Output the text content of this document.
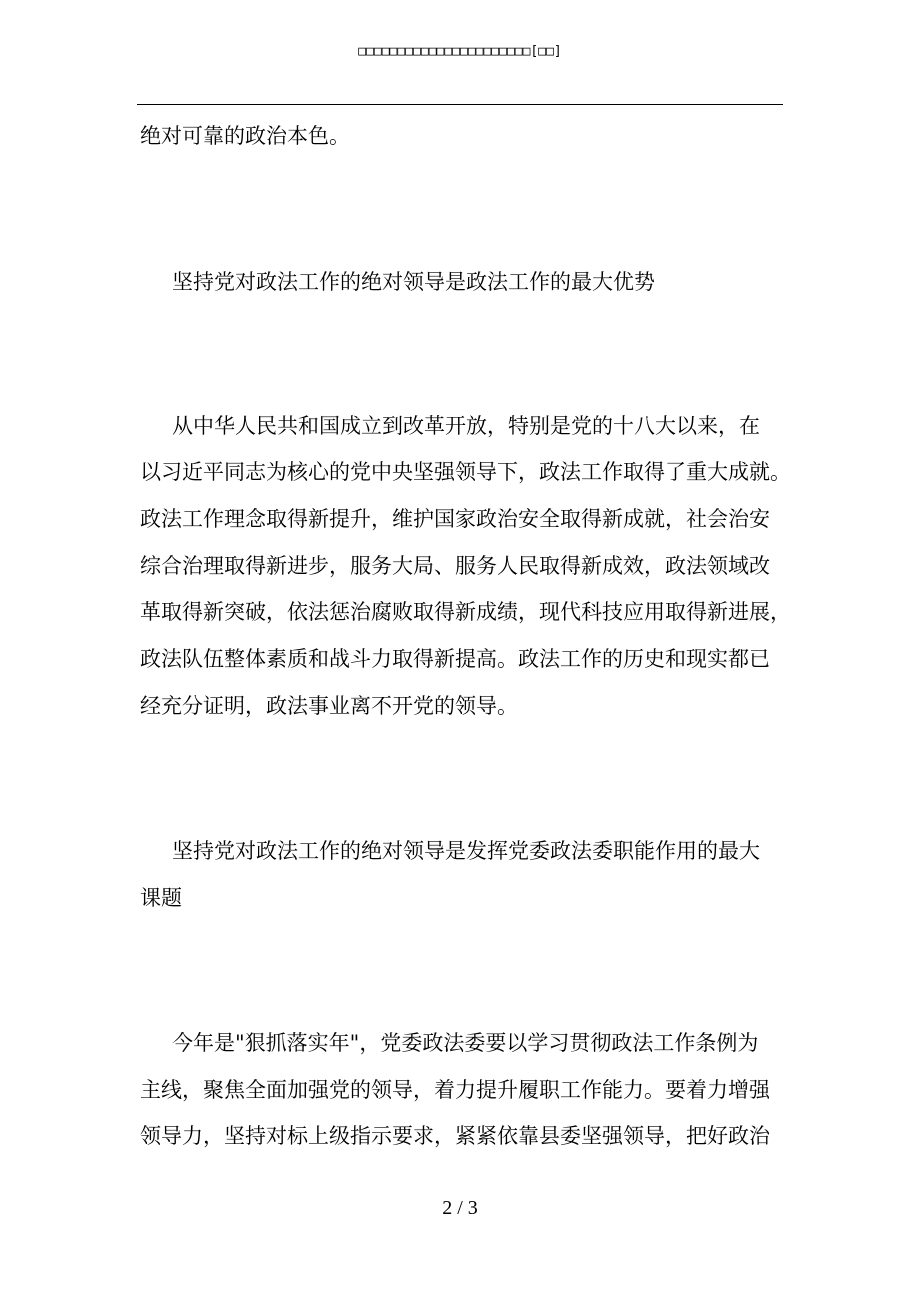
□□□□□□□□□□□□□□□□□□□□□□[□□]
绝对可靠的政治本色。
坚持党对政法工作的绝对领导是政法工作的最大优势
从中华人民共和国成立到改革开放，特别是党的十八大以来，在
以习近平同志为核心的党中央坚强领导下，政法工作取得了重大成就。
政法工作理念取得新提升，维护国家政治安全取得新成就，社会治安
综合治理取得新进步，服务大局、服务人民取得新成效，政法领域改
革取得新突破，依法惩治腐败取得新成绩，现代科技应用取得新进展，
政法队伍整体素质和战斗力取得新提高。政法工作的历史和现实都已
经充分证明，政法事业离不开党的领导。
坚持党对政法工作的绝对领导是发挥党委政法委职能作用的最大
课题
今年是"狠抓落实年"，党委政法委要以学习贯彻政法工作条例为
主线，聚焦全面加强党的领导，着力提升履职工作能力。要着力增强
领导力，坚持对标上级指示要求，紧紧依靠县委坚强领导，把好政治
2 / 3
